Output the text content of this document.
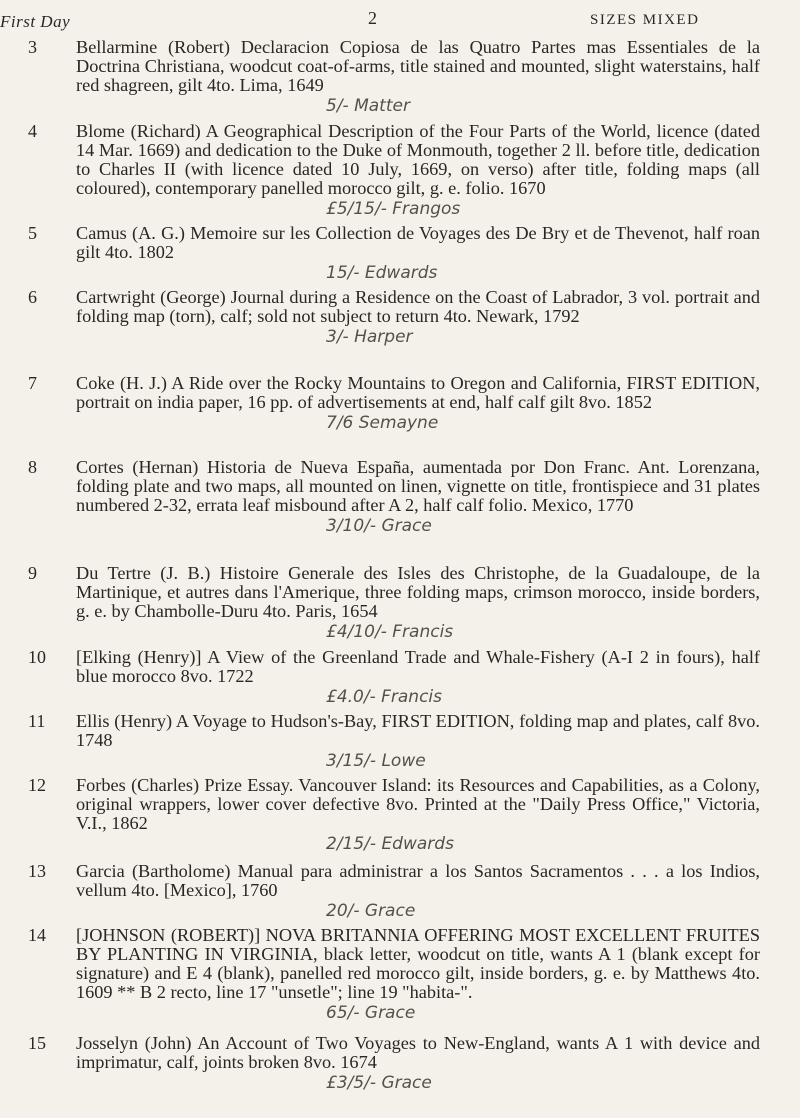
First Day	2	SIZES MIXED
3 Bellarmine (Robert) Declaracion Copiosa de las Quatro Partes mas Essentiales de la Doctrina Christiana, woodcut coat-of-arms, title stained and mounted, slight waterstains, half red shagreen, gilt 4to. Lima, 1649
5/- Matter
4 Blome (Richard) A Geographical Description of the Four Parts of the World, licence (dated 14 Mar. 1669) and dedication to the Duke of Monmouth, together 2 ll. before title, dedication to Charles II (with licence dated 10 July, 1669, on verso) after title, folding maps (all coloured), contemporary panelled morocco gilt, g. e. folio. 1670
£5/15/- Frangos
5 Camus (A. G.) Memoire sur les Collection de Voyages des De Bry et de Thevenot, half roan gilt 4to. 1802
15/- Edwards
6 Cartwright (George) Journal during a Residence on the Coast of Labrador, 3 vol. portrait and folding map (torn), calf; sold not subject to return 4to. Newark, 1792
3/- Harper
7 Coke (H. J.) A Ride over the Rocky Mountains to Oregon and California, FIRST EDITION, portrait on india paper, 16 pp. of advertisements at end, half calf gilt 8vo. 1852
7/6 Semayne
8 Cortes (Hernan) Historia de Nueva España, aumentada por Don Franc. Ant. Lorenzana, folding plate and two maps, all mounted on linen, vignette on title, frontispiece and 31 plates numbered 2-32, errata leaf misbound after A 2, half calf folio. Mexico, 1770
3/10/- Grace
9 Du Tertre (J. B.) Histoire Generale des Isles des Christophe, de la Guadaloupe, de la Martinique, et autres dans l'Amerique, three folding maps, crimson morocco, inside borders, g. e. by Chambolle-Duru 4to. Paris, 1654
£4/10/- Francis
10 [Elking (Henry)] A View of the Greenland Trade and Whale-Fishery (A-I 2 in fours), half blue morocco 8vo. 1722
£4.0/- Francis
11 Ellis (Henry) A Voyage to Hudson's-Bay, FIRST EDITION, folding map and plates, calf 8vo. 1748
3/15/- Lowe
12 Forbes (Charles) Prize Essay. Vancouver Island: its Resources and Capabilities, as a Colony, original wrappers, lower cover defective 8vo. Printed at the "Daily Press Office," Victoria, V.I., 1862
2/15/- Edwards
13 Garcia (Bartholome) Manual para administrar a los Santos Sacramentos . . . a los Indios, vellum 4to. [Mexico], 1760
20/- Grace
14 [JOHNSON (ROBERT)] NOVA BRITANNIA OFFERING MOST EXCELLENT FRUITES BY PLANTING IN VIRGINIA, black letter, woodcut on title, wants A 1 (blank except for signature) and E 4 (blank), panelled red morocco gilt, inside borders, g. e. by Matthews 4to. 1609 ** B 2 recto, line 17 "unsetle"; line 19 "habita-".
65/- Grace
15 Josselyn (John) An Account of Two Voyages to New-England, wants A 1 with device and imprimatur, calf, joints broken 8vo. 1674
£3/5/- Grace
